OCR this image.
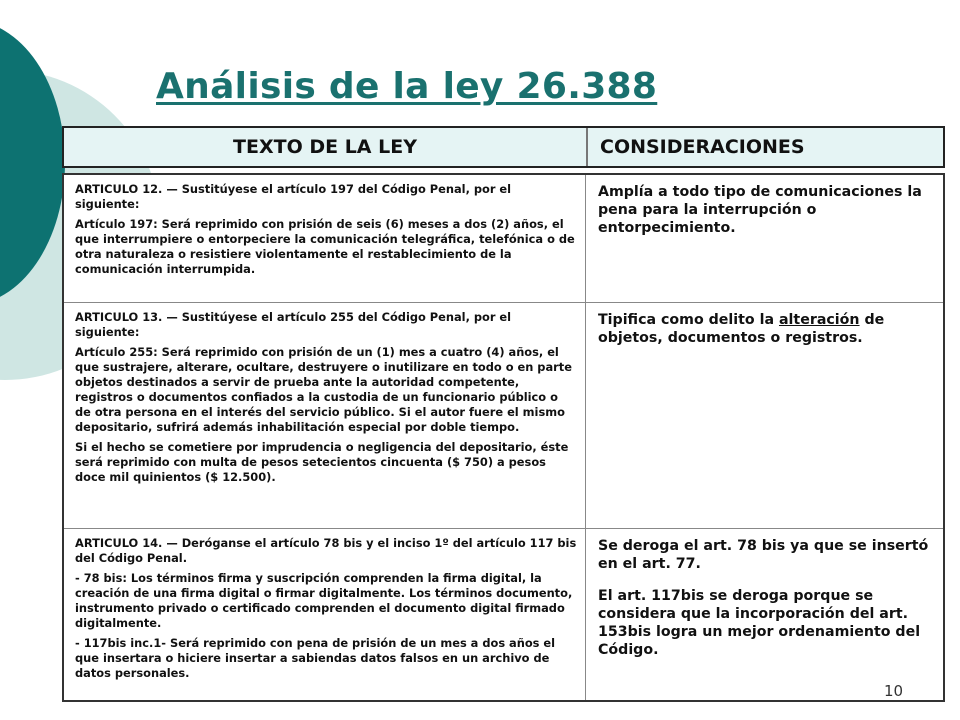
Análisis de la ley 26.388
TEXTO DE LA LEY	CONSIDERACIONES

ARTICULO 12. — Sustitúyese el artículo 197 del Código Penal, por el siguiente:

Artículo 197: Será reprimido con prisión de seis (6) meses a dos (2) años, el que interrumpiere o entorpeciere la comunicación telegráfica, telefónica o de otra naturaleza o resistiere violentamente el restablecimiento de la comunicación interrumpida.

Amplía a todo tipo de comunicaciones la pena para la interrupción o entorpecimiento.

ARTICULO 13. — Sustitúyese el artículo 255 del Código Penal, por el siguiente:

Artículo 255: Será reprimido con prisión de un (1) mes a cuatro (4) años, el que sustrajere, alterare, ocultare, destruyere o inutilizare en todo o en parte objetos destinados a servir de prueba ante la autoridad competente, registros o documentos confiados a la custodia de un funcionario público o de otra persona en el interés del servicio público. Si el autor fuere el mismo depositario, sufrirá además inhabilitación especial por doble tiempo.

Si el hecho se cometiere por imprudencia o negligencia del depositario, éste será reprimido con multa de pesos setecientos cincuenta ($ 750) a pesos doce mil quinientos ($ 12.500).

Tipifica como delito la alteración de objetos, documentos o registros.

ARTICULO 14. — Deróganse el artículo 78 bis y el inciso 1º del artículo 117 bis del Código Penal.

- 78 bis: Los términos firma y suscripción comprenden la firma digital, la creación de una firma digital o firmar digitalmente. Los términos documento, instrumento privado o certificado comprenden el documento digital firmado digitalmente.

- 117bis inc.1- Será reprimido con pena de prisión de un mes a dos años el que insertara o hiciere insertar a sabiendas datos falsos en un archivo de datos personales.

Se deroga el art. 78 bis ya que se insertó en el art. 77.

El art. 117bis se deroga porque se considera que la incorporación del art. 153bis logra un mejor ordenamiento del Código.

10
